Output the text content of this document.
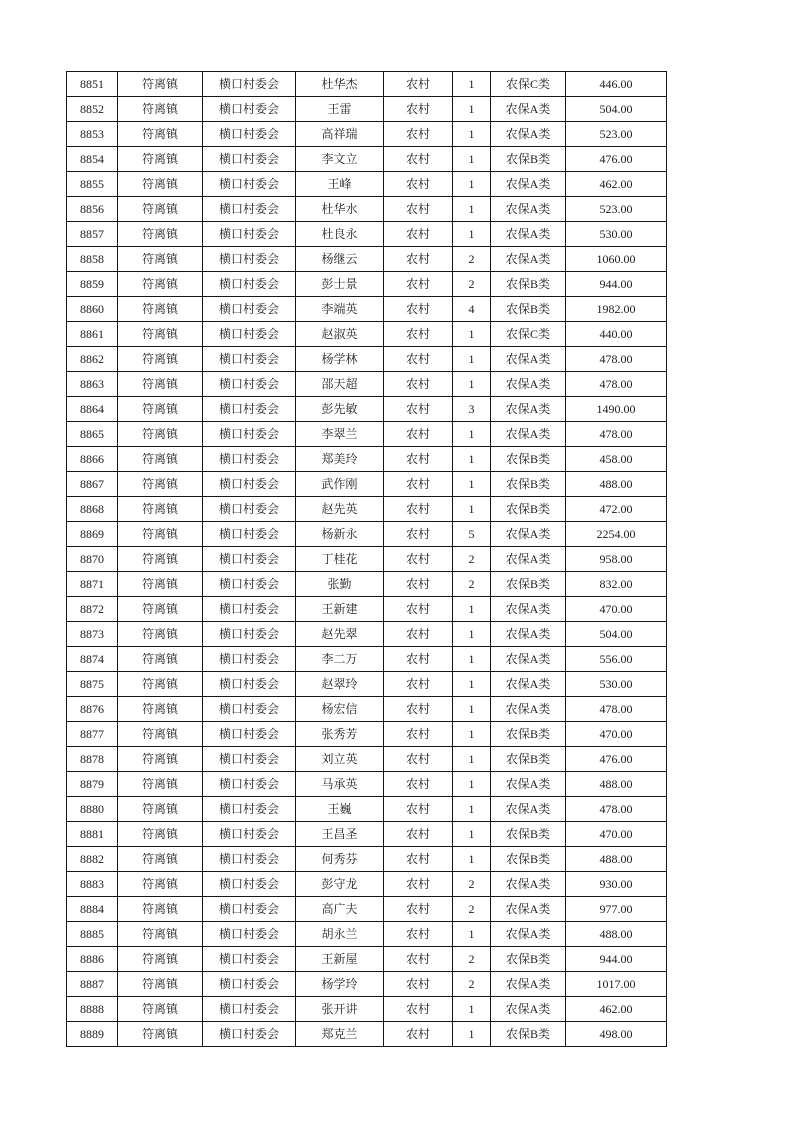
8851	符离镇	横口村委会	杜华杰	农村	1	农保C类	446.00
8852	符离镇	横口村委会	王雷	农村	1	农保A类	504.00
8853	符离镇	横口村委会	高祥瑞	农村	1	农保A类	523.00
8854	符离镇	横口村委会	李文立	农村	1	农保B类	476.00
8855	符离镇	横口村委会	王峰	农村	1	农保A类	462.00
8856	符离镇	横口村委会	杜华水	农村	1	农保A类	523.00
8857	符离镇	横口村委会	杜良永	农村	1	农保A类	530.00
8858	符离镇	横口村委会	杨继云	农村	2	农保A类	1060.00
8859	符离镇	横口村委会	彭士景	农村	2	农保B类	944.00
8860	符离镇	横口村委会	李端英	农村	4	农保B类	1982.00
8861	符离镇	横口村委会	赵淑英	农村	1	农保C类	440.00
8862	符离镇	横口村委会	杨学林	农村	1	农保A类	478.00
8863	符离镇	横口村委会	邵天超	农村	1	农保A类	478.00
8864	符离镇	横口村委会	彭先敏	农村	3	农保A类	1490.00
8865	符离镇	横口村委会	李翠兰	农村	1	农保A类	478.00
8866	符离镇	横口村委会	郑美玲	农村	1	农保B类	458.00
8867	符离镇	横口村委会	武作刚	农村	1	农保B类	488.00
8868	符离镇	横口村委会	赵先英	农村	1	农保B类	472.00
8869	符离镇	横口村委会	杨新永	农村	5	农保A类	2254.00
8870	符离镇	横口村委会	丁桂花	农村	2	农保A类	958.00
8871	符离镇	横口村委会	张勤	农村	2	农保B类	832.00
8872	符离镇	横口村委会	王新建	农村	1	农保A类	470.00
8873	符离镇	横口村委会	赵先翠	农村	1	农保A类	504.00
8874	符离镇	横口村委会	李二万	农村	1	农保A类	556.00
8875	符离镇	横口村委会	赵翠玲	农村	1	农保A类	530.00
8876	符离镇	横口村委会	杨宏信	农村	1	农保A类	478.00
8877	符离镇	横口村委会	张秀芳	农村	1	农保B类	470.00
8878	符离镇	横口村委会	刘立英	农村	1	农保B类	476.00
8879	符离镇	横口村委会	马承英	农村	1	农保A类	488.00
8880	符离镇	横口村委会	王巍	农村	1	农保A类	478.00
8881	符离镇	横口村委会	王昌圣	农村	1	农保B类	470.00
8882	符离镇	横口村委会	何秀芬	农村	1	农保B类	488.00
8883	符离镇	横口村委会	彭守龙	农村	2	农保A类	930.00
8884	符离镇	横口村委会	高广夫	农村	2	农保A类	977.00
8885	符离镇	横口村委会	胡永兰	农村	1	农保A类	488.00
8886	符离镇	横口村委会	王新屋	农村	2	农保B类	944.00
8887	符离镇	横口村委会	杨学玲	农村	2	农保A类	1017.00
8888	符离镇	横口村委会	张开讲	农村	1	农保A类	462.00
8889	符离镇	横口村委会	郑克兰	农村	1	农保B类	498.00
